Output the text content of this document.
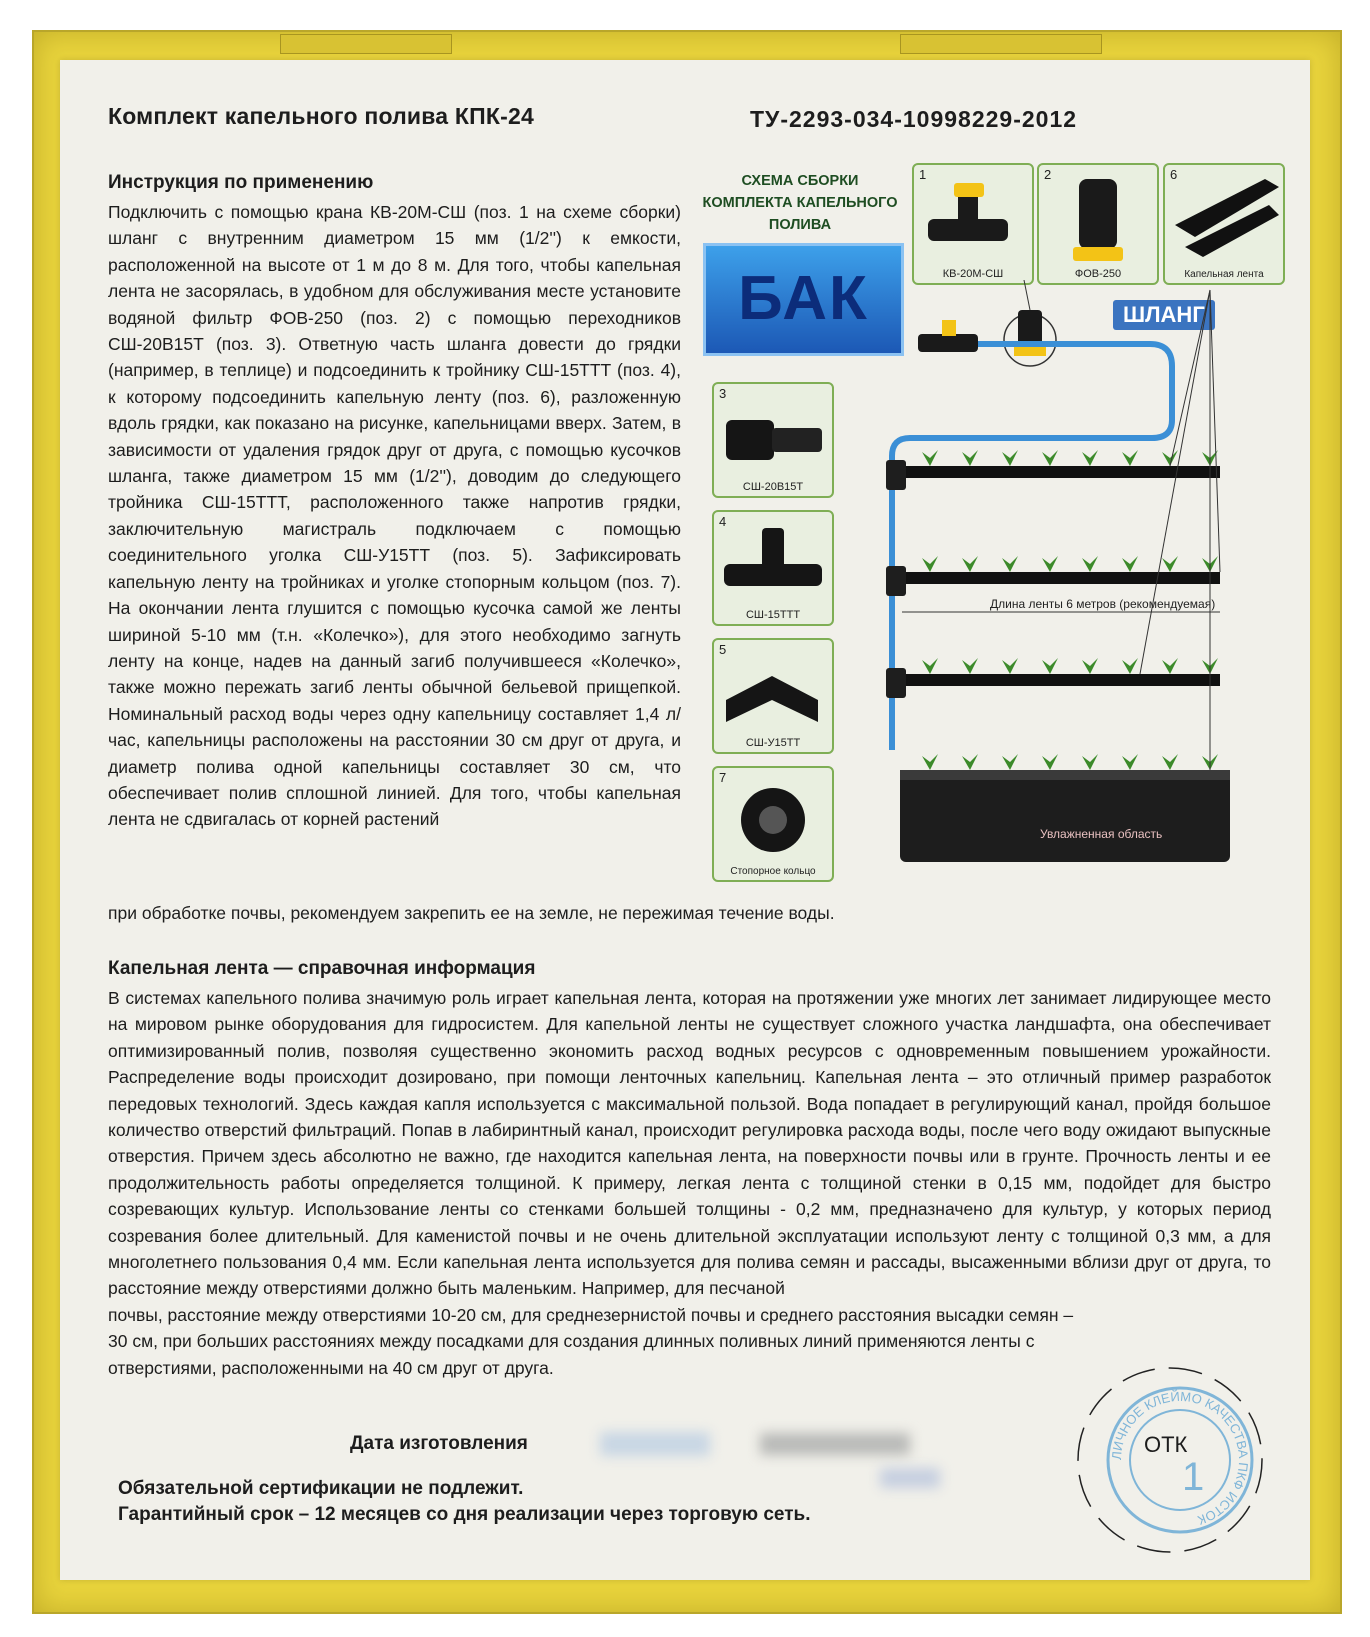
Комплект капельного полива КПК-24	ТУ-2293-034-10998229-2012
Инструкция по применению

Подключить с помощью крана КВ-20М-СШ (поз. 1 на схеме сборки) шланг с внутренним диаметром 15 мм (1/2'') к емкости, расположенной на высоте от 1 м до 8 м. Для того, чтобы капельная лента не засорялась, в удобном для обслуживания месте установите водяной фильтр ФОВ-250 (поз. 2) с помощью переходников СШ-20В15Т (поз. 3). Ответную часть шланга довести до грядки (например, в теплице) и подсоединить к тройнику СШ-15ТТТ (поз. 4), к которому подсоединить капельную ленту (поз. 6), разложенную вдоль грядки, как показано на рисунке, капельницами вверх. Затем, в зависимости от удаления грядок друг от друга, с помощью кусочков шланга, также диаметром 15 мм (1/2''), доводим до следующего тройника СШ-15ТТТ, расположенного также напротив грядки, заключительную магистраль подключаем с помощью соединительного уголка СШ-У15ТТ (поз. 5). Зафиксировать капельную ленту на тройниках и уголке стопорным кольцом (поз. 7). На окончании лента глушится с помощью кусочка самой же ленты шириной 5-10 мм (т.н. «Колечко»), для этого необходимо загнуть ленту на конце, надев на данный загиб получившееся «Колечко», также можно пережать загиб ленты обычной бельевой прищепкой. Номинальный расход воды через одну капельницу составляет 1,4 л/час, капельницы расположены на расстоянии 30 см друг от друга, и диаметр полива одной капельницы составляет 30 см, что обеспечивает полив сплошной линией. Для того, чтобы капельная лента не сдвигалась от корней растений

при обработке почвы, рекомендуем закрепить ее на земле, не пережимая течение воды.
СХЕМА СБОРКИ КОМПЛЕКТА КАПЕЛЬНОГО ПОЛИВА
БАК
1
КВ-20М-СШ
2
ФОВ-250
6
Капельная лента
ШЛАНГ
3
СШ-20В15Т
4
СШ-15ТТТ
5
СШ-У15ТТ
7
Стопорное кольцо
Длина ленты 6 метров (рекомендуемая)
Увлажненная область
Капельная лента — справочная информация

В системах капельного полива значимую роль играет капельная лента, которая на протяжении уже многих лет занимает лидирующее место на мировом рынке оборудования для гидросистем. Для капельной ленты не существует сложного участка ландшафта, она обеспечивает оптимизированный полив, позволяя существенно экономить расход водных ресурсов с одновременным повышением урожайности. Распределение воды происходит дозировано, при помощи ленточных капельниц. Капельная лента – это отличный пример разработок передовых технологий. Здесь каждая капля используется с максимальной пользой. Вода попадает в регулирующий канал, пройдя большое количество отверстий фильтраций. Попав в лабиринтный канал, происходит регулировка расхода воды, после чего воду ожидают выпускные отверстия. Причем здесь абсолютно не важно, где находится капельная лента, на поверхности почвы или в грунте. Прочность ленты и ее продолжительность работы определяется толщиной. К примеру, легкая лента с толщиной стенки в 0,15 мм, подойдет для быстро созревающих культур. Использование ленты со стенками большей толщины - 0,2 мм, предназначено для культур, у которых период созревания более длительный. Для каменистой почвы и не очень длительной эксплуатации используют ленту с толщиной 0,3 мм, а для многолетнего пользования 0,4 мм. Если капельная лента используется для полива семян и рассады, высаженными вблизи друг от друга, то расстояние между отверстиями должно быть маленьким. Например, для песчаной

почвы, расстояние между отверстиями 10-20 см, для среднезернистой почвы и среднего расстояния высадки семян – 30 см, при больших расстояниях между посадками для создания длинных поливных линий применяются ленты с отверстиями, расположенными на 40 см друг от друга.

Дата изготовления
Обязательной сертификации не подлежит.
Гарантийный срок – 12 месяцев со дня реализации через торговую сеть.
ОТК
1
ЛИЧНОЕ КЛЕЙМО КАЧЕСТВА ПКФ ИСТОК
